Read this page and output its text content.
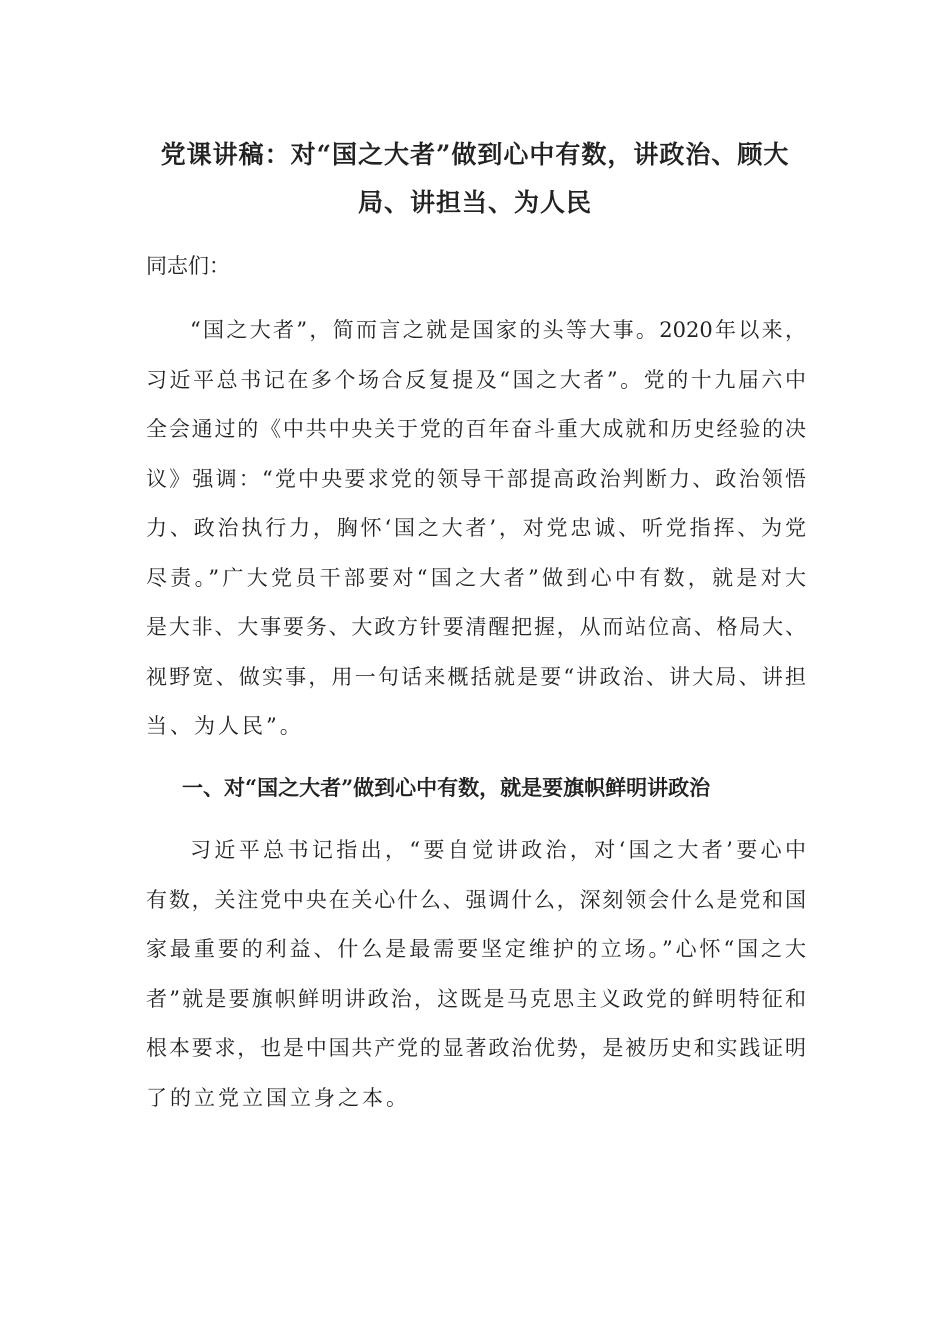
党课讲稿：对“国之大者”做到心中有数，讲政治、顾大
局、讲担当、为人民
同志们：
“国之大者”，简而言之就是国家的头等大事。2020年以来，
习近平总书记在多个场合反复提及“国之大者”。党的十九届六中
全会通过的《中共中央关于党的百年奋斗重大成就和历史经验的决
议》强调：“党中央要求党的领导干部提高政治判断力、政治领悟
力、政治执行力，胸怀‘国之大者’，对党忠诚、听党指挥、为党
尽责。”广大党员干部要对“国之大者”做到心中有数，就是对大
是大非、大事要务、大政方针要清醒把握，从而站位高、格局大、
视野宽、做实事，用一句话来概括就是要“讲政治、讲大局、讲担
当、为人民”。
一、对“国之大者”做到心中有数，就是要旗帜鲜明讲政治
习近平总书记指出，“要自觉讲政治，对‘国之大者’要心中
有数，关注党中央在关心什么、强调什么，深刻领会什么是党和国
家最重要的利益、什么是最需要坚定维护的立场。”心怀“国之大
者”就是要旗帜鲜明讲政治，这既是马克思主义政党的鲜明特征和
根本要求，也是中国共产党的显著政治优势，是被历史和实践证明
了的立党立国立身之本。
